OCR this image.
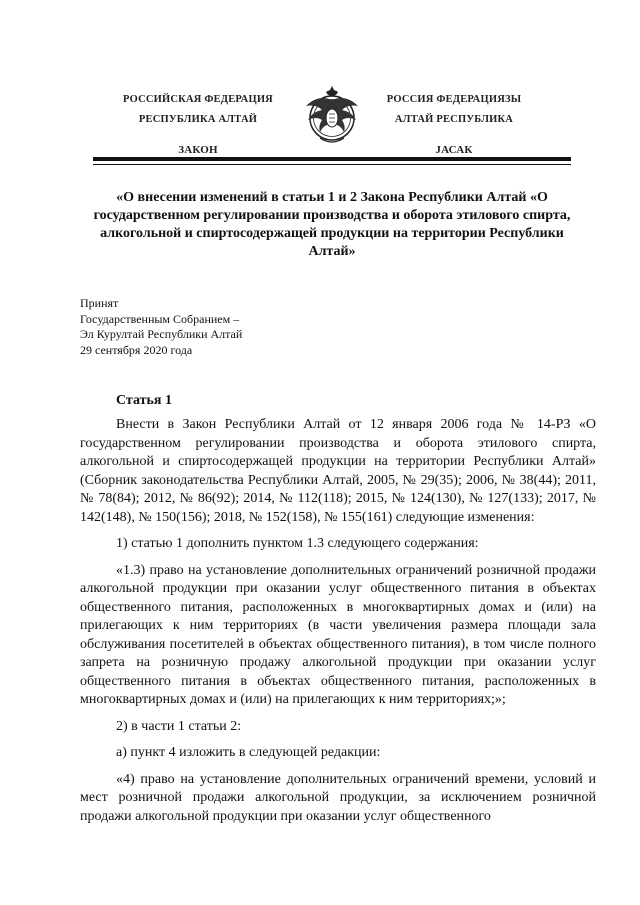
РОССИЙСКАЯ ФЕДЕРАЦИЯ
РЕСПУБЛИКА АЛТАЙ
ЗАКОН
РОССИЯ ФЕДЕРАЦИЯЗЫ
АЛТАЙ РЕСПУБЛИКА
JАСАК
«О внесении изменений в статьи 1 и 2 Закона Республики Алтай «О государственном регулировании производства и оборота этилового спирта, алкогольной и спиртосодержащей продукции на территории Республики Алтай»
Принят
Государственным Собранием –
Эл Курултай Республики Алтай
29 сентября 2020 года
Статья 1

Внести в Закон Республики Алтай от 12 января 2006 года № 14-РЗ «О государственном регулировании производства и оборота этилового спирта, алкогольной и спиртосодержащей продукции на территории Республики Алтай» (Сборник законодательства Республики Алтай, 2005, № 29(35); 2006, № 38(44); 2011, № 78(84); 2012, № 86(92); 2014, № 112(118); 2015, № 124(130), № 127(133); 2017, № 142(148), № 150(156); 2018, № 152(158), № 155(161) следующие изменения:

1) статью 1 дополнить пунктом 1.3 следующего содержания:

«1.3) право на установление дополнительных ограничений розничной продажи алкогольной продукции при оказании услуг общественного питания в объектах общественного питания, расположенных в многоквартирных домах и (или) на прилегающих к ним территориях (в части увеличения размера площади зала обслуживания посетителей в объектах общественного питания), в том числе полного запрета на розничную продажу алкогольной продукции при оказании услуг общественного питания в объектах общественного питания, расположенных в многоквартирных домах и (или) на прилегающих к ним территориях;»;

2) в части 1 статьи 2:

а) пункт 4 изложить в следующей редакции:

«4) право на установление дополнительных ограничений времени, условий и мест розничной продажи алкогольной продукции, за исключением розничной продажи алкогольной продукции при оказании услуг общественного
